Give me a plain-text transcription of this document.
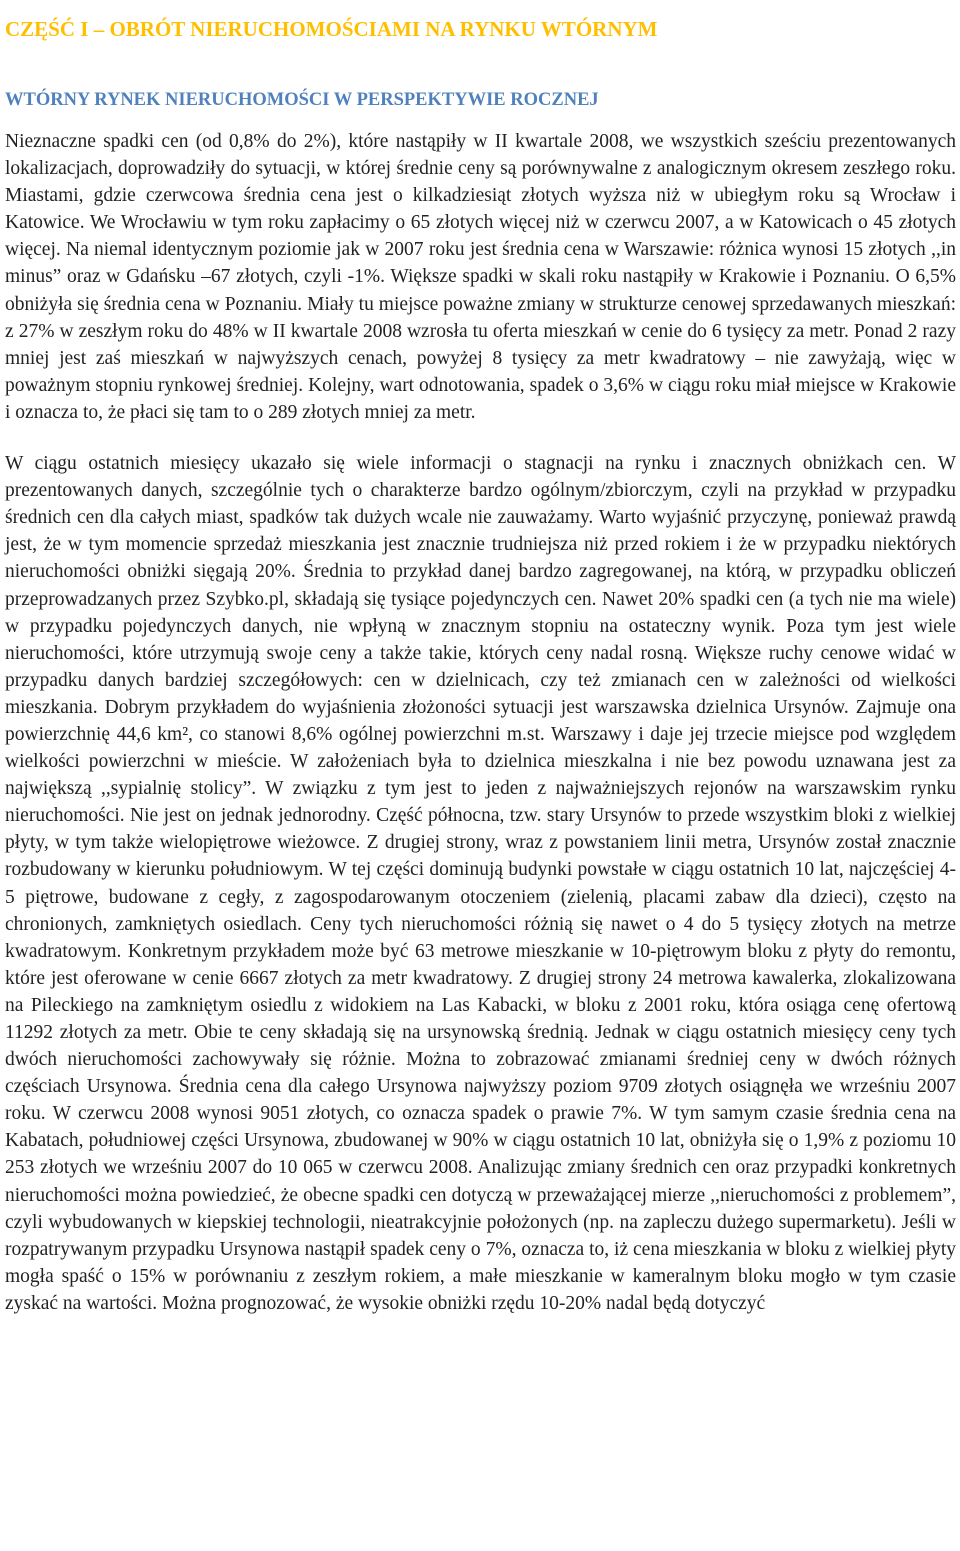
CZĘŚĆ I – OBRÓT NIERUCHOMOŚCIAMI NA RYNKU WTÓRNYM
WTÓRNY RYNEK NIERUCHOMOŚCI W PERSPEKTYWIE ROCZNEJ

Nieznaczne spadki cen (od 0,8% do 2%), które nastąpiły w II kwartale 2008, we wszystkich sześciu prezentowanych lokalizacjach, doprowadziły do sytuacji, w której średnie ceny są porównywalne z analogicznym okresem zeszłego roku. Miastami, gdzie czerwcowa średnia cena jest o kilkadziesiąt złotych wyższa niż w ubiegłym roku są Wrocław i Katowice. We Wrocławiu w tym roku zapłacimy o 65 złotych więcej niż w czerwcu 2007, a w Katowicach o 45 złotych więcej. Na niemal identycznym poziomie jak w 2007 roku jest średnia cena w Warszawie: różnica wynosi 15 złotych ,,in minus” oraz w Gdańsku –67 złotych, czyli -1%. Większe spadki w skali roku nastąpiły w Krakowie i Poznaniu. O 6,5% obniżyła się średnia cena w Poznaniu. Miały tu miejsce poważne zmiany w strukturze cenowej sprzedawanych mieszkań: z 27% w zeszłym roku do 48% w II kwartale 2008 wzrosła tu oferta mieszkań w cenie do 6 tysięcy za metr. Ponad 2 razy mniej jest zaś mieszkań w najwyższych cenach, powyżej 8 tysięcy za metr kwadratowy – nie zawyżają, więc w poważnym stopniu rynkowej średniej. Kolejny, wart odnotowania, spadek o 3,6% w ciągu roku miał miejsce w Krakowie i oznacza to, że płaci się tam to o 289 złotych mniej za metr.

W ciągu ostatnich miesięcy ukazało się wiele informacji o stagnacji na rynku i znacznych obniżkach cen. W prezentowanych danych, szczególnie tych o charakterze bardzo ogólnym/zbiorczym, czyli na przykład w przypadku średnich cen dla całych miast, spadków tak dużych wcale nie zauważamy. Warto wyjaśnić przyczynę, ponieważ prawdą jest, że w tym momencie sprzedaż mieszkania jest znacznie trudniejsza niż przed rokiem i że w przypadku niektórych nieruchomości obniżki sięgają 20%. Średnia to przykład danej bardzo zagregowanej, na którą, w przypadku obliczeń przeprowadzanych przez Szybko.pl, składają się tysiące pojedynczych cen. Nawet 20% spadki cen (a tych nie ma wiele) w przypadku pojedynczych danych, nie wpłyną w znacznym stopniu na ostateczny wynik. Poza tym jest wiele nieruchomości, które utrzymują swoje ceny a także takie, których ceny nadal rosną. Większe ruchy cenowe widać w przypadku danych bardziej szczegółowych: cen w dzielnicach, czy też zmianach cen w zależności od wielkości mieszkania. Dobrym przykładem do wyjaśnienia złożoności sytuacji jest warszawska dzielnica Ursynów. Zajmuje ona powierzchnię 44,6 km², co stanowi 8,6% ogólnej powierzchni m.st. Warszawy i daje jej trzecie miejsce pod względem wielkości powierzchni w mieście. W założeniach była to dzielnica mieszkalna i nie bez powodu uznawana jest za największą ,,sypialnię stolicy”. W związku z tym jest to jeden z najważniejszych rejonów na warszawskim rynku nieruchomości. Nie jest on jednak jednorodny. Część północna, tzw. stary Ursynów to przede wszystkim bloki z wielkiej płyty, w tym także wielopiętrowe wieżowce. Z drugiej strony, wraz z powstaniem linii metra, Ursynów został znacznie rozbudowany w kierunku południowym. W tej części dominują budynki powstałe w ciągu ostatnich 10 lat, najczęściej 4-5 piętrowe, budowane z cegły, z zagospodarowanym otoczeniem (zielenią, placami zabaw dla dzieci), często na chronionych, zamkniętych osiedlach. Ceny tych nieruchomości różnią się nawet o 4 do 5 tysięcy złotych na metrze kwadratowym. Konkretnym przykładem może być 63 metrowe mieszkanie w 10-piętrowym bloku z płyty do remontu, które jest oferowane w cenie 6667 złotych za metr kwadratowy. Z drugiej strony 24 metrowa kawalerka, zlokalizowana na Pileckiego na zamkniętym osiedlu z widokiem na Las Kabacki, w bloku z 2001 roku, która osiąga cenę ofertową 11292 złotych za metr. Obie te ceny składają się na ursynowską średnią. Jednak w ciągu ostatnich miesięcy ceny tych dwóch nieruchomości zachowywały się różnie. Można to zobrazować zmianami średniej ceny w dwóch różnych częściach Ursynowa. Średnia cena dla całego Ursynowa najwyższy poziom 9709 złotych osiągnęła we wrześniu 2007 roku. W czerwcu 2008 wynosi 9051 złotych, co oznacza spadek o prawie 7%. W tym samym czasie średnia cena na Kabatach, południowej części Ursynowa, zbudowanej w 90% w ciągu ostatnich 10 lat, obniżyła się o 1,9% z poziomu 10 253 złotych we wrześniu 2007 do 10 065 w czerwcu 2008. Analizując zmiany średnich cen oraz przypadki konkretnych nieruchomości można powiedzieć, że obecne spadki cen dotyczą w przeważającej mierze ,,nieruchomości z problemem”, czyli wybudowanych w kiepskiej technologii, nieatrakcyjnie położonych (np. na zapleczu dużego supermarketu). Jeśli w rozpatrywanym przypadku Ursynowa nastąpił spadek ceny o 7%, oznacza to, iż cena mieszkania w bloku z wielkiej płyty mogła spaść o 15% w porównaniu z zeszłym rokiem, a małe mieszkanie w kameralnym bloku mogło w tym czasie zyskać na wartości. Można prognozować, że wysokie obniżki rzędu 10-20% nadal będą dotyczyć
